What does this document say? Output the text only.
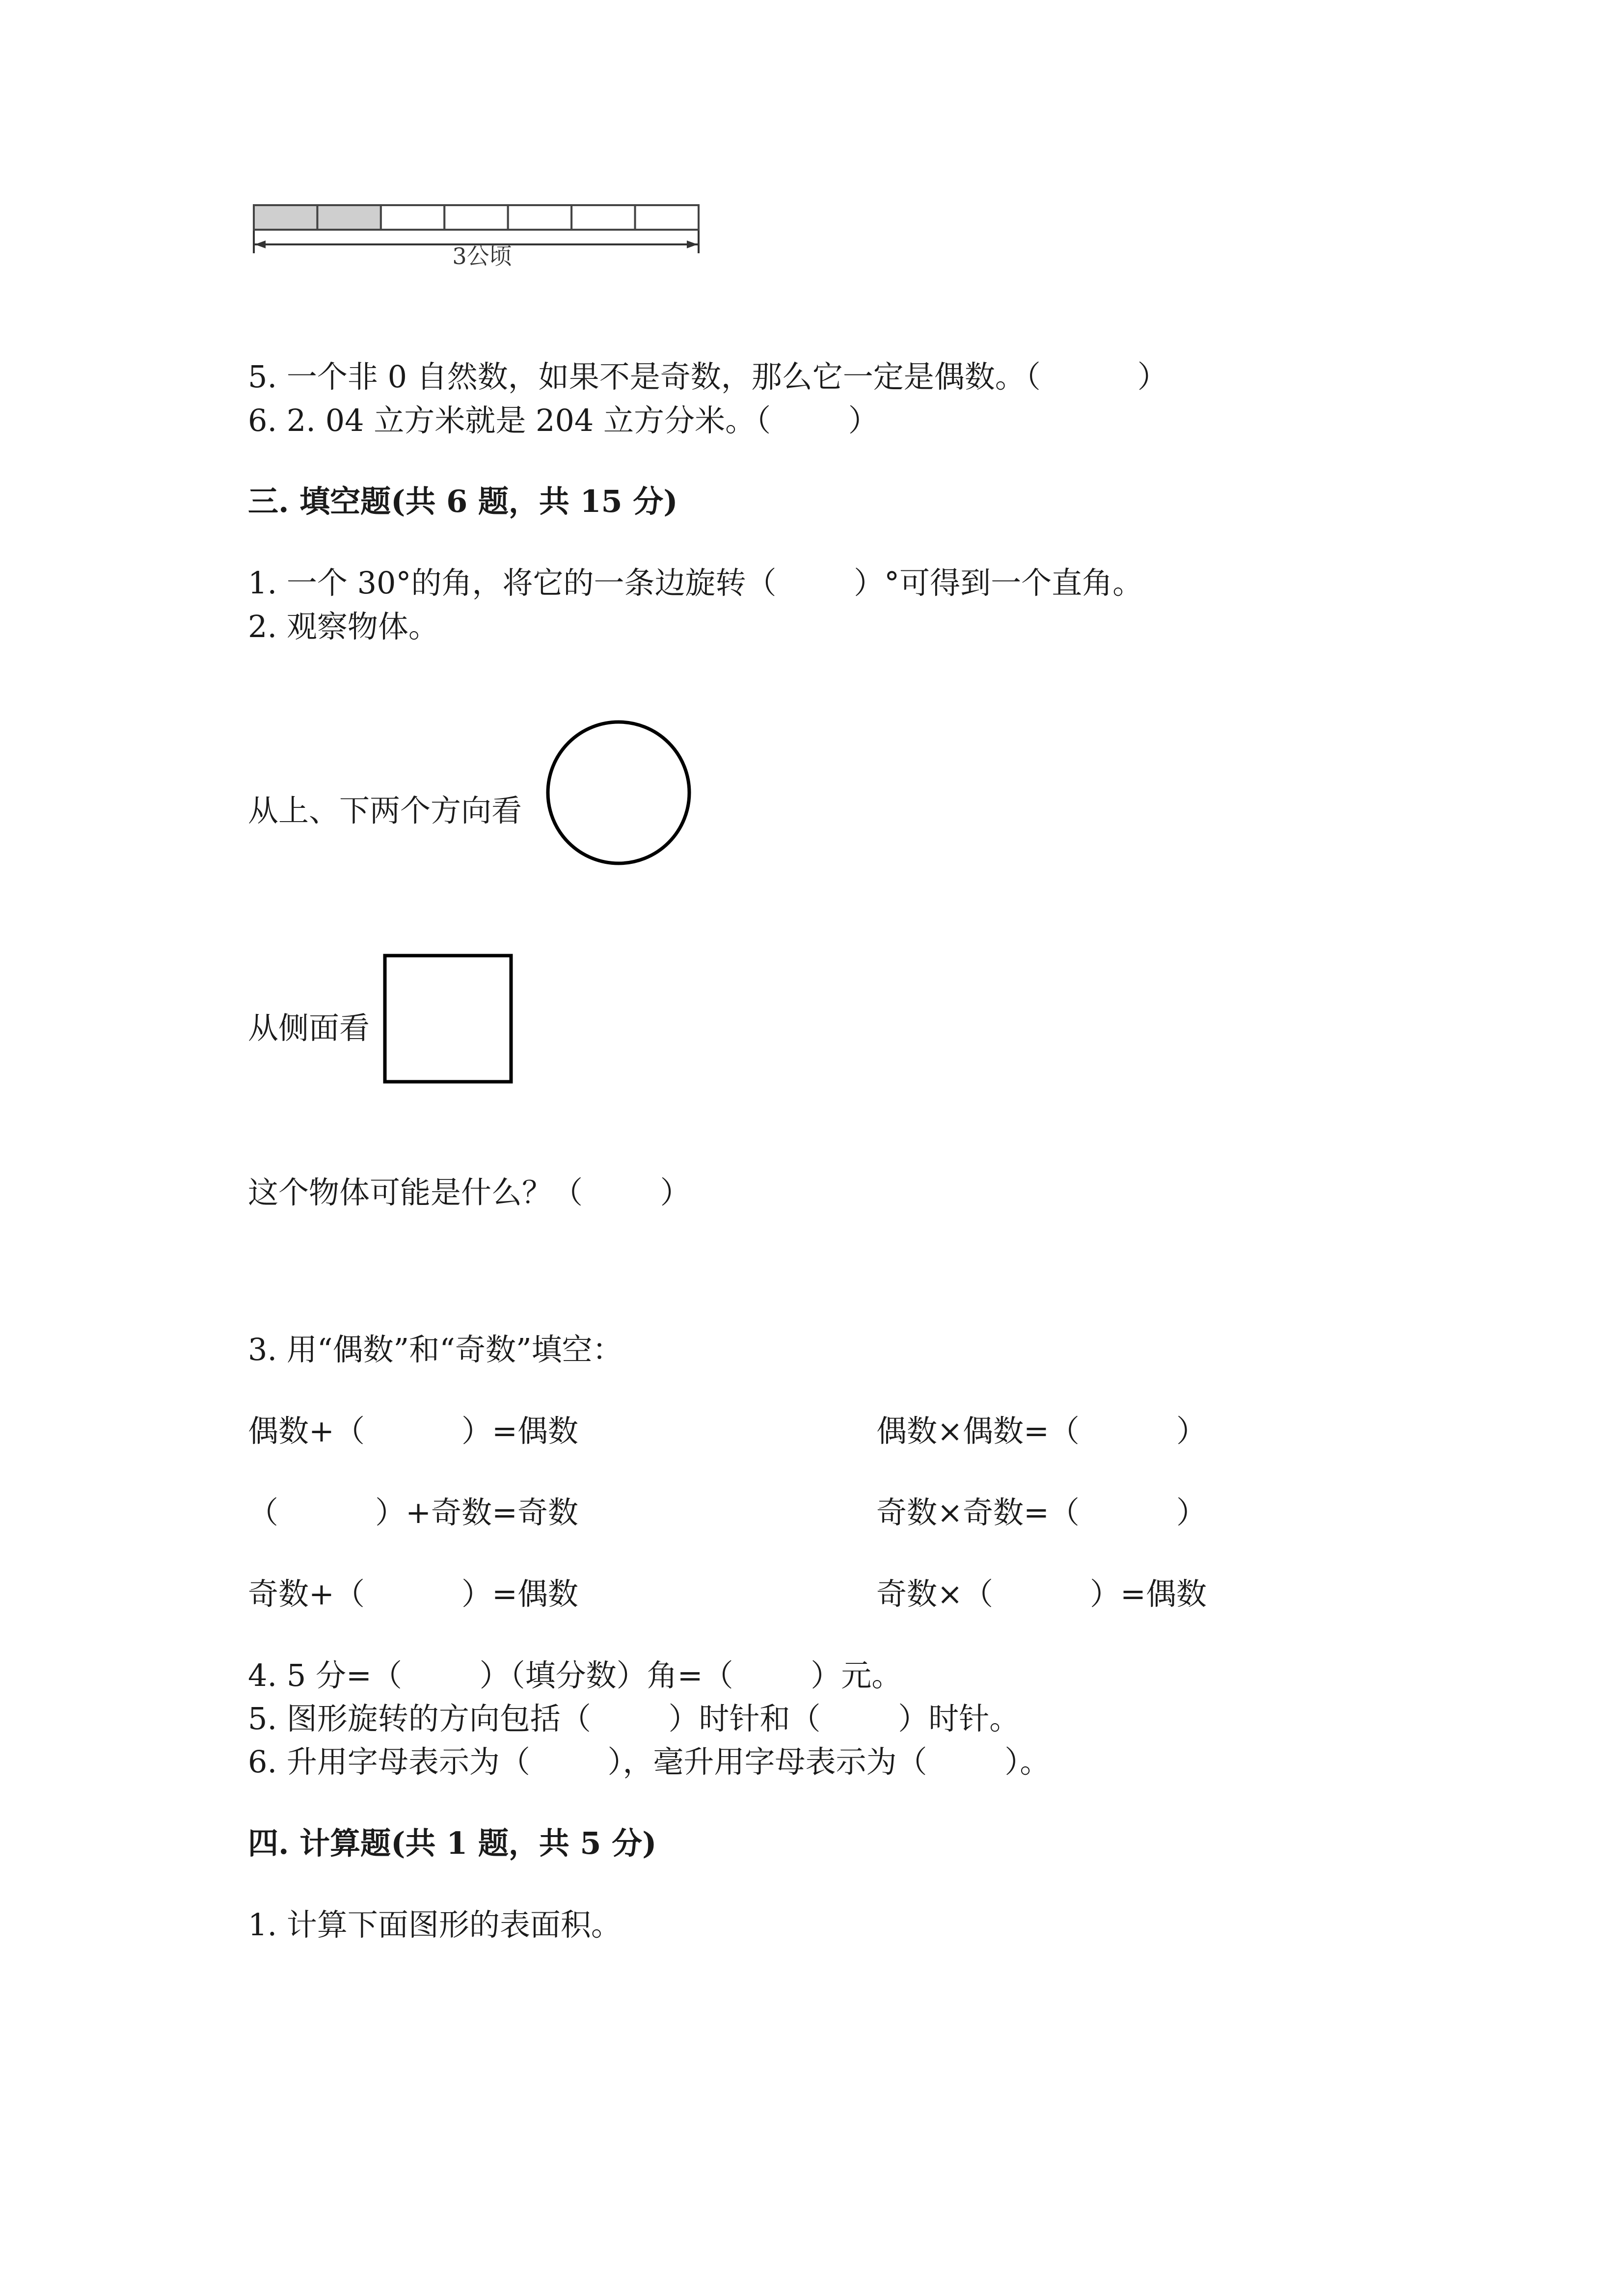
3公顷
5. 一个非 0 自然数，如果不是奇数，那么它一定是偶数。（          ）
6. 2. 04 立方米就是 204 立方分米。（        ）
三. 填空题(共 6 题，共 15 分)
1. 一个 30°的角，将它的一条边旋转（        ）°可得到一个直角。
2. 观察物体。
从上、下两个方向看
从侧面看
这个物体可能是什么？（        ）
3. 用“偶数”和“奇数”填空：
偶数+（          ）=偶数	偶数×偶数=（          ）
（          ）+奇数=奇数	奇数×奇数=（          ）
奇数+（          ）=偶数	奇数×（          ）=偶数
4. 5 分=（        ）（填分数）角=（        ）元。
5. 图形旋转的方向包括（        ）时针和（        ）时针。
6. 升用字母表示为（        ），毫升用字母表示为（        ）。
四. 计算题(共 1 题，共 5 分)
1. 计算下面图形的表面积。
